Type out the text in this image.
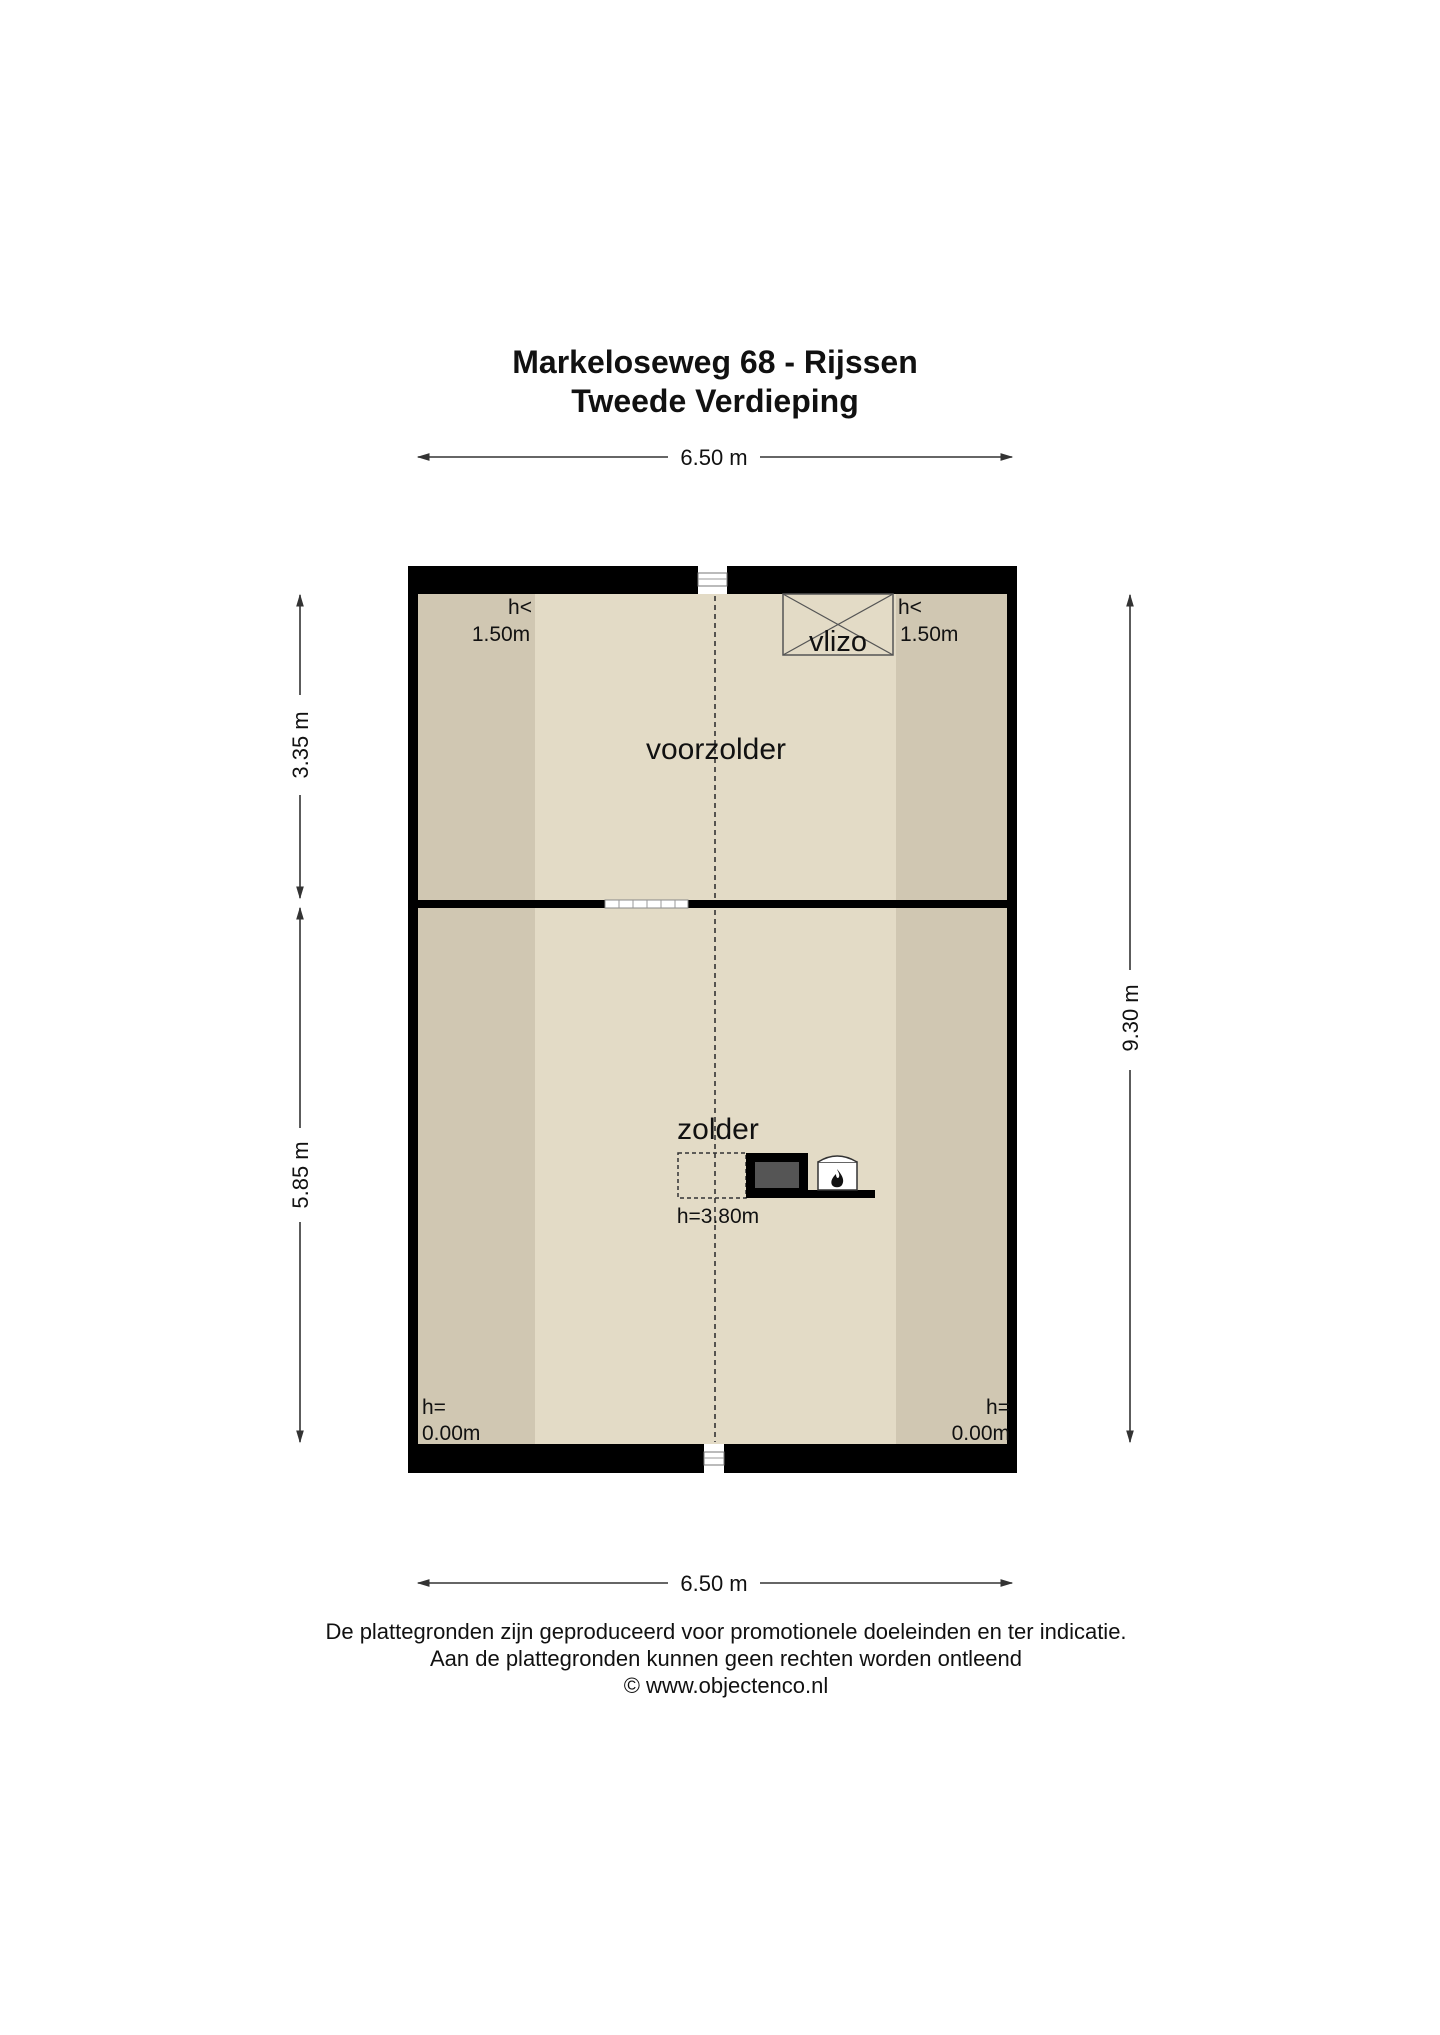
Markeloseweg 68 - Rijssen
Tweede Verdieping
6.50 m
3.35 m
5.85 m
9.30 m
vlizo
voorzolder
zolder
h<
1.50m
h<
1.50m
h=
0.00m
h=
0.00m
h=3.80m
6.50 m
De plattegronden zijn geproduceerd voor promotionele doeleinden en ter indicatie.
Aan de plattegronden kunnen geen rechten worden ontleend
© www.objectenco.nl
